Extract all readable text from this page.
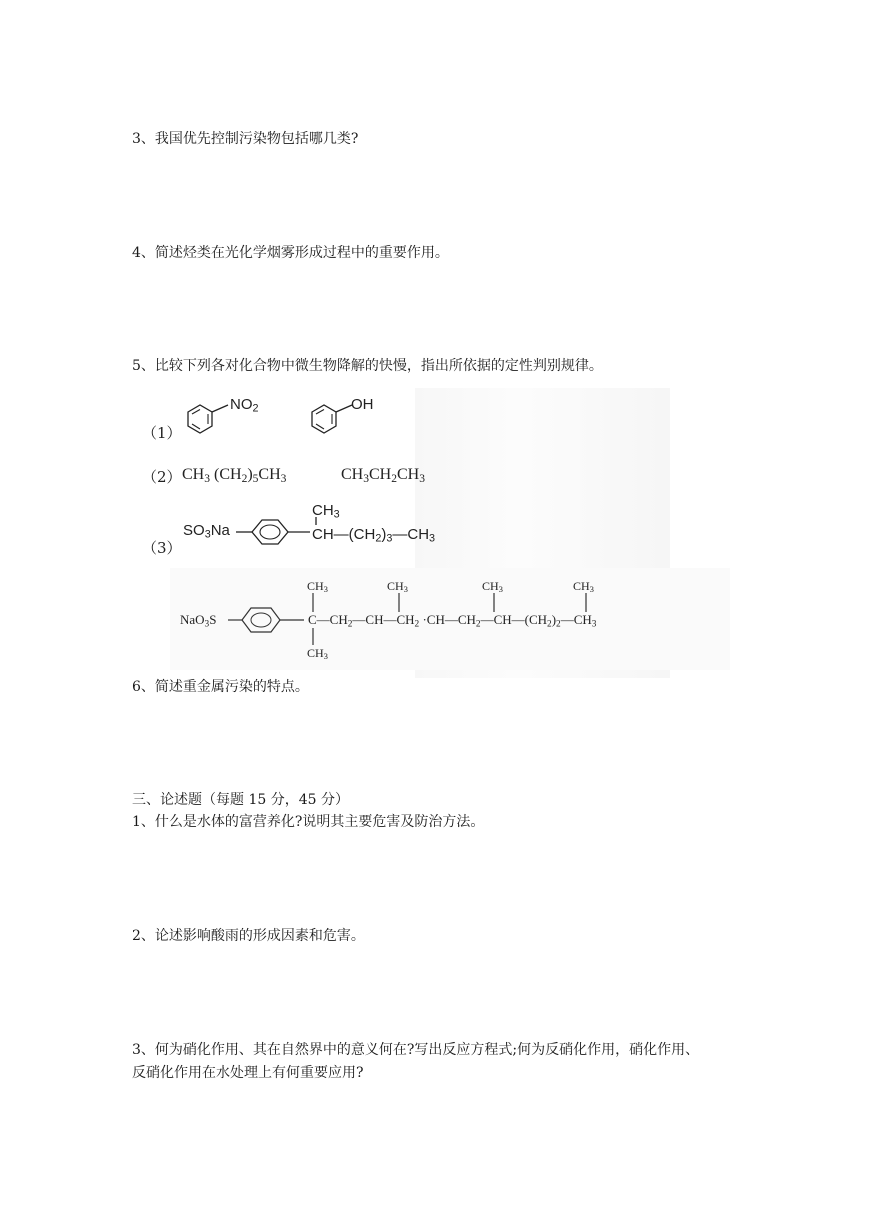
3、我国优先控制污染物包括哪几类?
4、简述烃类在光化学烟雾形成过程中的重要作用。
5、比较下列各对化合物中微生物降解的快慢，指出所依据的定性判别规律。
（1）
$NO_2$	OH
（2） $CH_3$ $(CH_2)_5CH_3$	$CH_3CH_2CH_3$
（3）
$SO_3Na$
$CH_3$
$CH—(CH_2)_3—CH_3$
NaO$_3$S
$CH_3$	$CH_3$	$CH_3$	$CH_3$
$CH_3$
$C—CH_2—CH—CH_2$ $\cdot CH—CH_2—CH—(CH_2)_2—CH_3$
6、简述重金属污染的特点。
三、论述题（每题 15 分，45 分）
1、什么是水体的富营养化?说明其主要危害及防治方法。
2、论述影响酸雨的形成因素和危害。
3、何为硝化作用、其在自然界中的意义何在?写出反应方程式;何为反硝化作用，硝化作用、
反硝化作用在水处理上有何重要应用?
